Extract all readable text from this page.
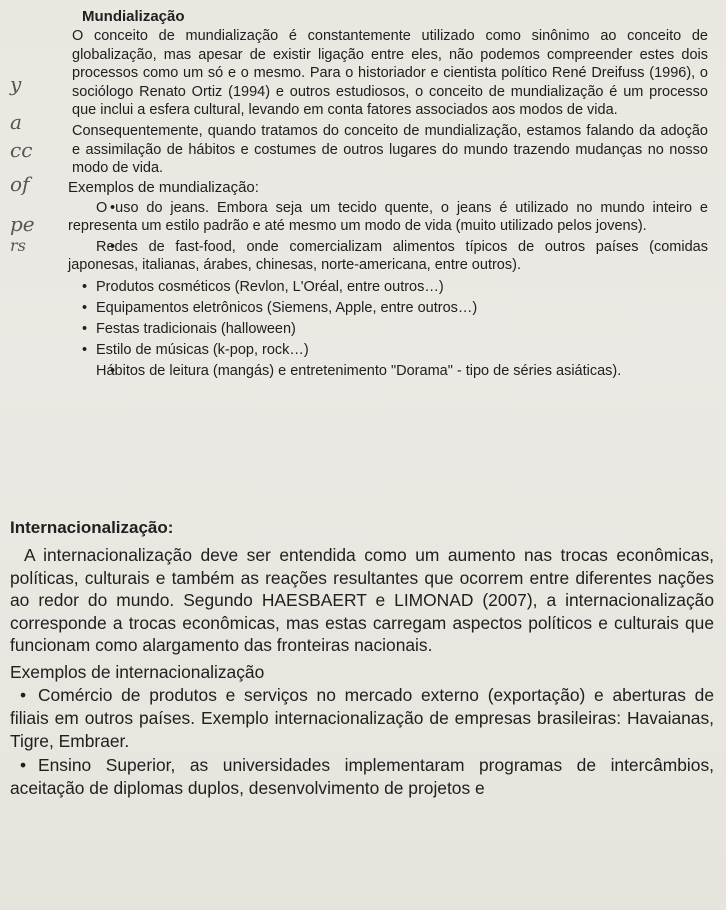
y
a
cc
of
pe
rs
Mundialização

O conceito de mundialização é constantemente utilizado como sinônimo ao conceito de globalização, mas apesar de existir ligação entre eles, não podemos compreender estes dois processos como um só e o mesmo. Para o historiador e cientista político René Dreifuss (1996), o sociólogo Renato Ortiz (1994) e outros estudiosos, o conceito de mundialização é um processo que inclui a esfera cultural, levando em conta fatores associados aos modos de vida.

Consequentemente, quando tratamos do conceito de mundialização, estamos falando da adoção e assimilação de hábitos e costumes de outros lugares do mundo trazendo mudanças no nosso modo de vida.

Exemplos de mundialização:

• O uso do jeans. Embora seja um tecido quente, o jeans é utilizado no mundo inteiro e representa um estilo padrão e até mesmo um modo de vida (muito utilizado pelos jovens).
• Redes de fast-food, onde comercializam alimentos típicos de outros países (comidas japonesas, italianas, árabes, chinesas, norte-americana, entre outros).
• Produtos cosméticos (Revlon, L'Oréal, entre outros…)
• Equipamentos eletrônicos (Siemens, Apple, entre outros…)
• Festas tradicionais (halloween)
• Estilo de músicas (k-pop, rock…)
• Hábitos de leitura (mangás) e entretenimento "Dorama" - tipo de séries asiáticas).
Internacionalização:

A internacionalização deve ser entendida como um aumento nas trocas econômicas, políticas, culturais e também as reações resultantes que ocorrem entre diferentes nações ao redor do mundo. Segundo HAESBAERT e LIMONAD (2007), a internacionalização corresponde a trocas econômicas, mas estas carregam aspectos políticos e culturais que funcionam como alargamento das fronteiras nacionais.

Exemplos de internacionalização

• Comércio de produtos e serviços no mercado externo (exportação) e aberturas de filiais em outros países. Exemplo internacionalização de empresas brasileiras: Havaianas, Tigre, Embraer.
• Ensino Superior, as universidades implementaram programas de intercâmbios, aceitação de diplomas duplos, desenvolvimento de projetos e
